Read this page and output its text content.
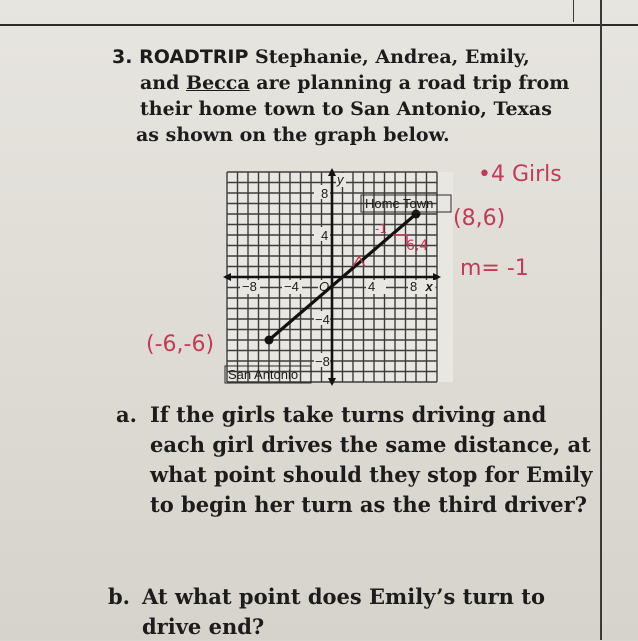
3. ROADTRIP Stephanie, Andrea, Emily,
and Becca are planning a road trip from
their home town to San Antonio, Texas
as shown on the graph below.
−8 −4	4	8
8
4
−4
−8
y
x
O
Home Town
San Antonio
•4 Girls
(8,6)
m= -1
(-6,-6)
6,4
-1
a. If the girls take turns driving and
each girl drives the same distance, at
what point should they stop for Emily
to begin her turn as the third driver?
b. At what point does Emily’s turn to
drive end?
